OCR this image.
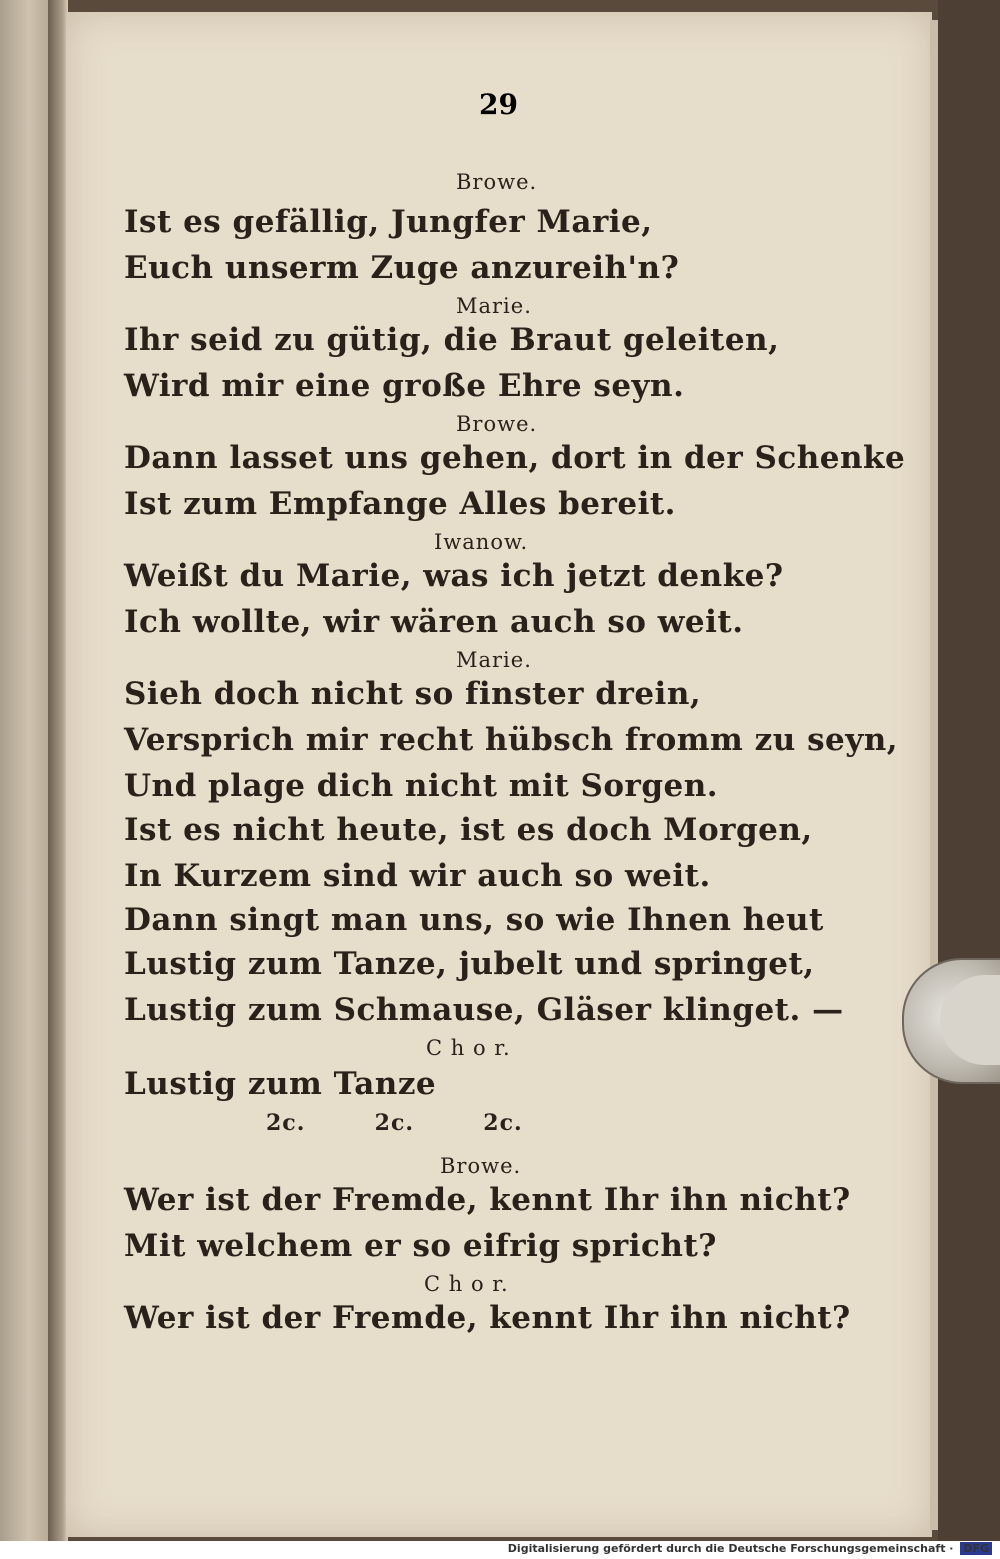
29
Browe.
Ist es gefällig, Jungfer Marie,
Euch unserm Zuge anzureih'n?
Marie.
Ihr seid zu gütig, die Braut geleiten,
Wird mir eine große Ehre seyn.
Browe.
Dann lasset uns gehen, dort in der Schenke
Ist zum Empfange Alles bereit.
Iwanow.
Weißt du Marie, was ich jetzt denke?
Ich wollte, wir wären auch so weit.
Marie.
Sieh doch nicht so finster drein,
Versprich mir recht hübsch fromm zu seyn,
Und plage dich nicht mit Sorgen.
Ist es nicht heute, ist es doch Morgen,
In Kurzem sind wir auch so weit.
Dann singt man uns, so wie Ihnen heut
Lustig zum Tanze, jubelt und springet,
Lustig zum Schmause, Gläser klinget. —
C h o r.
Lustig zum Tanze
2c.        2c.        2c.
Browe.
Wer ist der Fremde, kennt Ihr ihn nicht?
Mit welchem er so eifrig spricht?
C h o r.
Wer ist der Fremde, kennt Ihr ihn nicht?
Digitalisierung gefördert durch die Deutsche Forschungsgemeinschaft · DFG
